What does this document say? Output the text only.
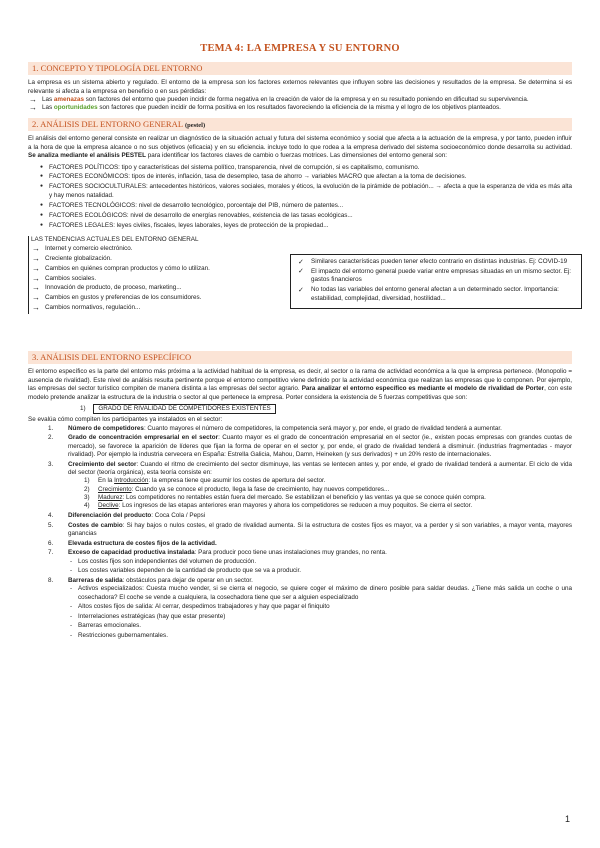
TEMA 4: LA EMPRESA Y SU ENTORNO
1. CONCEPTO Y TIPOLOGÍA DEL ENTORNO

La empresa es un sistema abierto y regulado. El entorno de la empresa son los factores externos relevantes que influyen sobre las decisiones y resultados de la empresa. Se determina si es relevante si afecta a la empresa en beneficio o en sus pérdidas:

→ Las amenazas son factores del entorno que pueden incidir de forma negativa en la creación de valor de la empresa y en su resultado poniendo en dificultad su supervivencia.
→ Las oportunidades son factores que pueden incidir de forma positiva en los resultados favoreciendo la eficiencia de la misma y el logro de los objetivos planteados.
2. ANÁLISIS DEL ENTORNO GENERAL (pestel)

El análisis del entorno general consiste en realizar un diagnóstico de la situación actual y futura del sistema económico y social que afecta a la actuación de la empresa, y por tanto, pueden influir a la hora de que la empresa alcance o no sus objetivos (eficacia) y en su eficiencia. incluye todo lo que rodea a la empresa derivado del sistema socioeconómico donde desarrolla su actividad. Se analiza mediante el análisis PESTEL para identificar los factores claves de cambio o fuerzas motrices. Las dimensiones del entorno general son:

● FACTORES POLÍTICOS: tipo y características del sistema político, transparencia, nivel de corrupción, si es capitalismo, comunismo.
● FACTORES ECONÓMICOS: tipos de interés, inflación, tasa de desempleo, tasa de ahorro → variables MACRO que afectan a la toma de decisiones.
● FACTORES SOCIOCULTURALES: antecedentes históricos, valores sociales, morales y éticos, la evolución de la pirámide de población... → afecta a que la esperanza de vida es más alta y hay menos natalidad.
● FACTORES TECNOLÓGICOS: nivel de desarrollo tecnológico, porcentaje del PIB, número de patentes...
● FACTORES ECOLÓGICOS: nivel de desarrollo de energías renovables, existencia de las tasas ecológicas...
● FACTORES LEGALES: leyes civiles, fiscales, leyes laborales, leyes de protección de la propiedad...
LAS TENDENCIAS ACTUALES DEL ENTORNO GENERAL
→ Internet y comercio electrónico.
→ Creciente globalización.
→ Cambios en quiénes compran productos y cómo lo utilizan.
→ Cambios sociales.
→ Innovación de producto, de proceso, marketing...
→ Cambios en gustos y preferencias de los consumidores.
→ Cambios normativos, regulación...
✓ Similares características pueden tener efecto contrario en distintas industrias. Ej: COVID-19
✓ El impacto del entorno general puede variar entre empresas situadas en un mismo sector. Ej: gastos financieros
✓ No todas las variables del entorno general afectan a un determinado sector. Importancia: estabilidad, complejidad, diversidad, hostilidad...
3. ANÁLISIS DEL ENTORNO ESPECÍFICO

El entorno específico es la parte del entorno más próxima a la actividad habitual de la empresa, es decir, al sector o la rama de actividad económica a la que la empresa pertenece. (Monopolio = ausencia de rivalidad). Este nivel de análisis resulta pertinente porque el entorno competitivo viene definido por la actividad económica que realizan las empresas que lo componen. Por ejemplo, las empresas del sector turístico compiten de manera distinta a las empresas del sector agrario. Para analizar el entorno específico es mediante el modelo de rivalidad de Porter, con este modelo pretende analizar la estructura de la industria o sector al que pertenece la empresa. Porter considera la existencia de 5 fuerzas competitivas que son:

1) GRADO DE RIVALIDAD DE COMPETIDORES EXISTENTES

Se evalúa cómo compiten los participantes ya instalados en el sector:

1. Número de competidores: Cuanto mayores el número de competidores, la competencia será mayor y, por ende, el grado de rivalidad tenderá a aumentar.
2. Grado de concentración empresarial en el sector: Cuanto mayor es el grado de concentración empresarial en el sector (ie., existen pocas empresas con grandes cuotas de mercado), se favorece la aparición de líderes que fijan la forma de operar en el sector y, por ende, el grado de rivalidad tenderá a disminuir. (industrias fragmentadas - mayor rivalidad). Por ejemplo la industria cervecera en España: Estrella Galicia, Mahou, Damn, Heineken (y sus derivados) + un 20% resto de internacionales.
3. Crecimiento del sector: Cuando el ritmo de crecimiento del sector disminuye, las ventas se lentecen antes y, por ende, el grado de rivalidad tenderá a aumentar. El ciclo de vida del sector (teoría orgánica), esta teoría consiste en:
1) En la Introducción: la empresa tiene que asumir los costes de apertura del sector.
2) Crecimiento: Cuando ya se conoce el producto, llega la fase de crecimiento, hay nuevos competidores...
3) Madurez: Los competidores no rentables están fuera del mercado. Se estabilizan el beneficio y las ventas ya que se conoce quién compra.
4) Declive: Los ingresos de las etapas anteriores eran mayores y ahora los competidores se reducen a muy poquitos. Se cierra el sector.
4. Diferenciación del producto: Coca Cola / Pepsi
5. Costes de cambio: Si hay bajos o nulos costes, el grado de rivalidad aumenta. Si la estructura de costes fijos es mayor, va a perder y si son variables, a mayor venta, mayores ganancias
6. Elevada estructura de costes fijos de la actividad.
7. Exceso de capacidad productiva instalada: Para producir poco tiene unas instalaciones muy grandes, no renta.
- Los costes fijos son independientes del volumen de producción.
- Los costes variables dependen de la cantidad de producto que se va a producir.
8. Barreras de salida: obstáculos para dejar de operar en un sector.
- Activos especializados: Cuesta mucho vender, si se cierra el negocio, se quiere coger el máximo de dinero posible para saldar deudas. ¿Tiene más salida un coche o una cosechadora? El coche se vende a cualquiera, la cosechadora tiene que ser a alguien especializado
- Altos costes fijos de salida: Al cerrar, despedimos trabajadores y hay que pagar el finiquito
- Interrelaciones estratégicas (hay que estar presente)
- Barreras emocionales.
- Restricciones gubernamentales.
1
